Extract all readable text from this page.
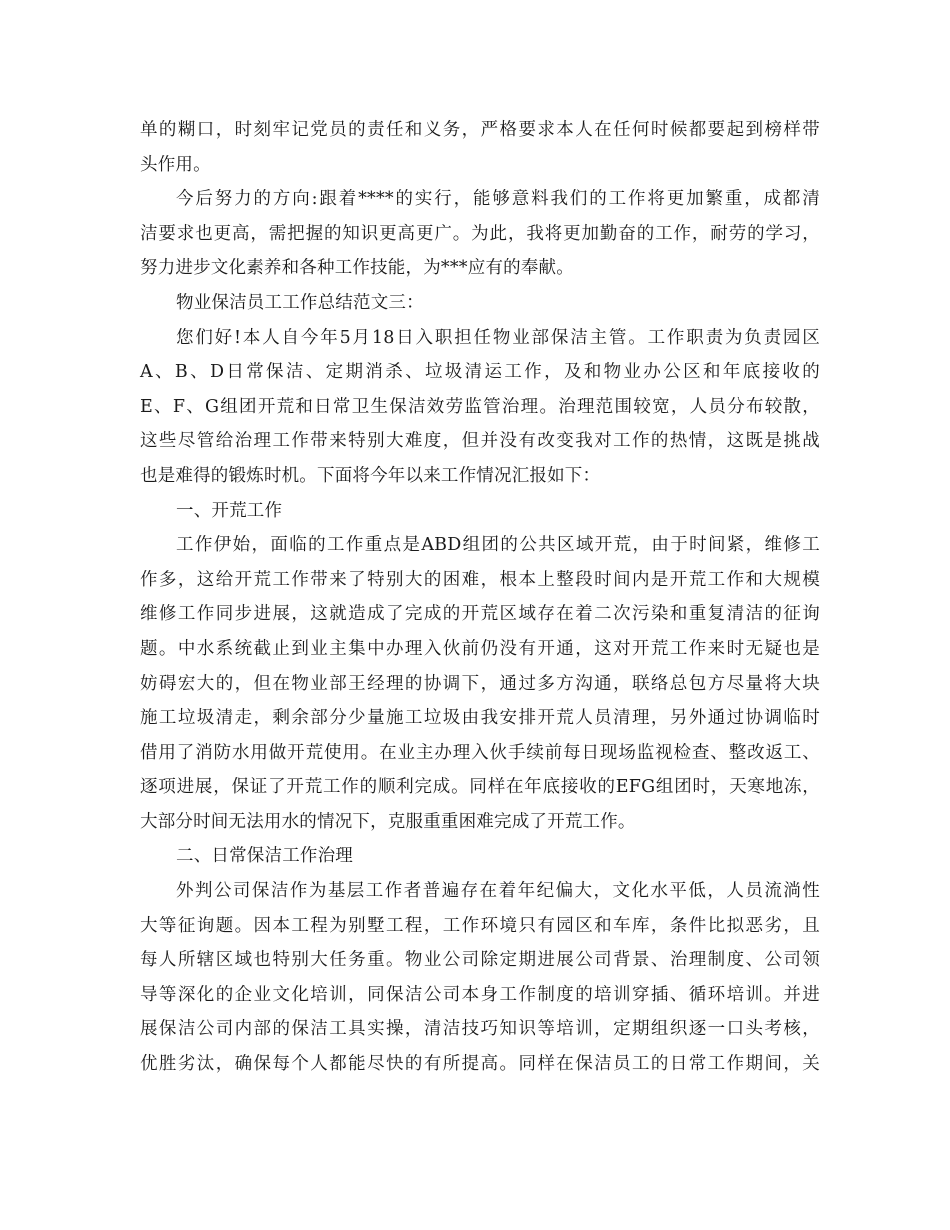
单的糊口，时刻牢记党员的责任和义务，严格要求本人在任何时候都要起到榜样带
头作用。
今后努力的方向:跟着****的实行，能够意料我们的工作将更加繁重，成都清
洁要求也更高，需把握的知识更高更广。为此，我将更加勤奋的工作，耐劳的学习，
努力进步文化素养和各种工作技能，为***应有的奉献。
物业保洁员工工作总结范文三：
您们好!本人自今年5月18日入职担任物业部保洁主管。工作职责为负责园区
A、B、D日常保洁、定期消杀、垃圾清运工作，及和物业办公区和年底接收的
E、F、G组团开荒和日常卫生保洁效劳监管治理。治理范围较宽，人员分布较散，
这些尽管给治理工作带来特别大难度，但并没有改变我对工作的热情，这既是挑战
也是难得的锻炼时机。下面将今年以来工作情况汇报如下：
一、开荒工作
工作伊始，面临的工作重点是ABD组团的公共区域开荒，由于时间紧，维修工
作多，这给开荒工作带来了特别大的困难，根本上整段时间内是开荒工作和大规模
维修工作同步进展，这就造成了完成的开荒区域存在着二次污染和重复清洁的征询
题。中水系统截止到业主集中办理入伙前仍没有开通，这对开荒工作来时无疑也是
妨碍宏大的，但在物业部王经理的协调下，通过多方沟通，联络总包方尽量将大块
施工垃圾清走，剩余部分少量施工垃圾由我安排开荒人员清理，另外通过协调临时
借用了消防水用做开荒使用。在业主办理入伙手续前每日现场监视检查、整改返工、
逐项进展，保证了开荒工作的顺利完成。同样在年底接收的EFG组团时，天寒地冻，
大部分时间无法用水的情况下，克服重重困难完成了开荒工作。
二、日常保洁工作治理
外判公司保洁作为基层工作者普遍存在着年纪偏大，文化水平低，人员流淌性
大等征询题。因本工程为别墅工程，工作环境只有园区和车库，条件比拟恶劣，且
每人所辖区域也特别大任务重。物业公司除定期进展公司背景、治理制度、公司领
导等深化的企业文化培训，同保洁公司本身工作制度的培训穿插、循环培训。并进
展保洁公司内部的保洁工具实操，清洁技巧知识等培训，定期组织逐一口头考核，
优胜劣汰，确保每个人都能尽快的有所提高。同样在保洁员工的日常工作期间，关
